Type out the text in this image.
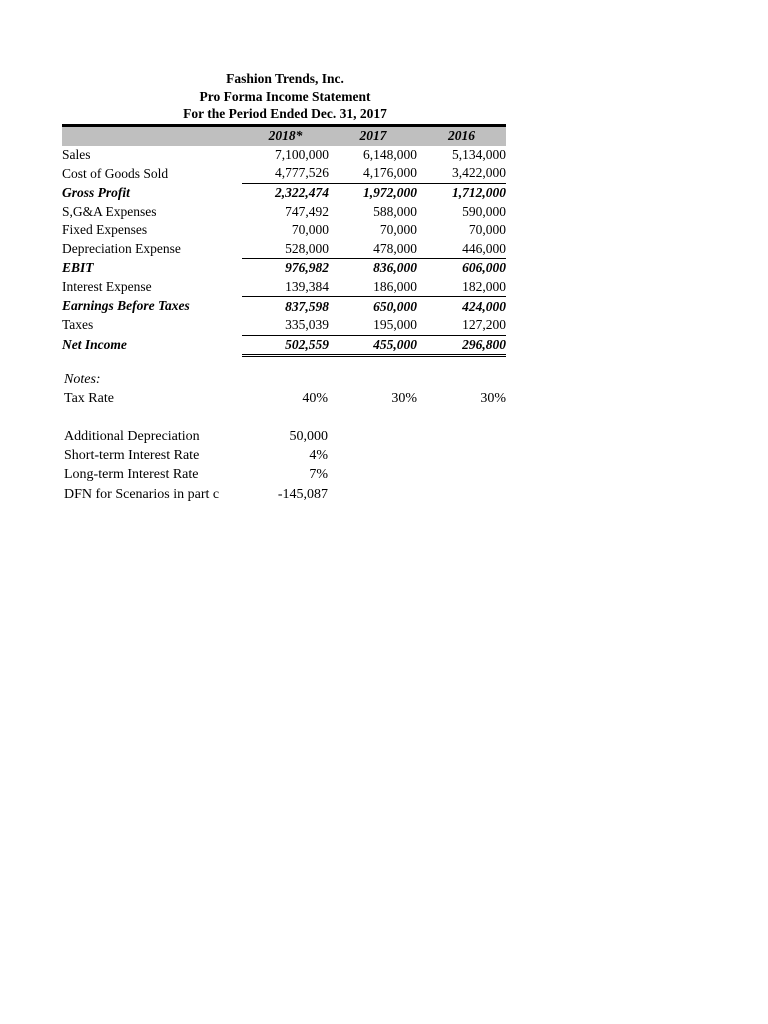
Fashion Trends, Inc.
Pro Forma Income Statement
For the Period Ended Dec. 31, 2017
	2018*	2017	2016
Sales	7,100,000	6,148,000	5,134,000
Cost of Goods Sold	4,777,526	4,176,000	3,422,000
Gross Profit	2,322,474	1,972,000	1,712,000
S,G&A Expenses	747,492	588,000	590,000
Fixed Expenses	70,000	70,000	70,000
Depreciation Expense	528,000	478,000	446,000
EBIT	976,982	836,000	606,000
Interest Expense	139,384	186,000	182,000
Earnings Before Taxes	837,598	650,000	424,000
Taxes	335,039	195,000	127,200
Net Income	502,559	455,000	296,800
Notes:
Tax Rate	40%	30%	30%
Additional Depreciation	50,000
Short-term Interest Rate	4%
Long-term Interest Rate	7%
DFN for Scenarios in part c	-145,087
